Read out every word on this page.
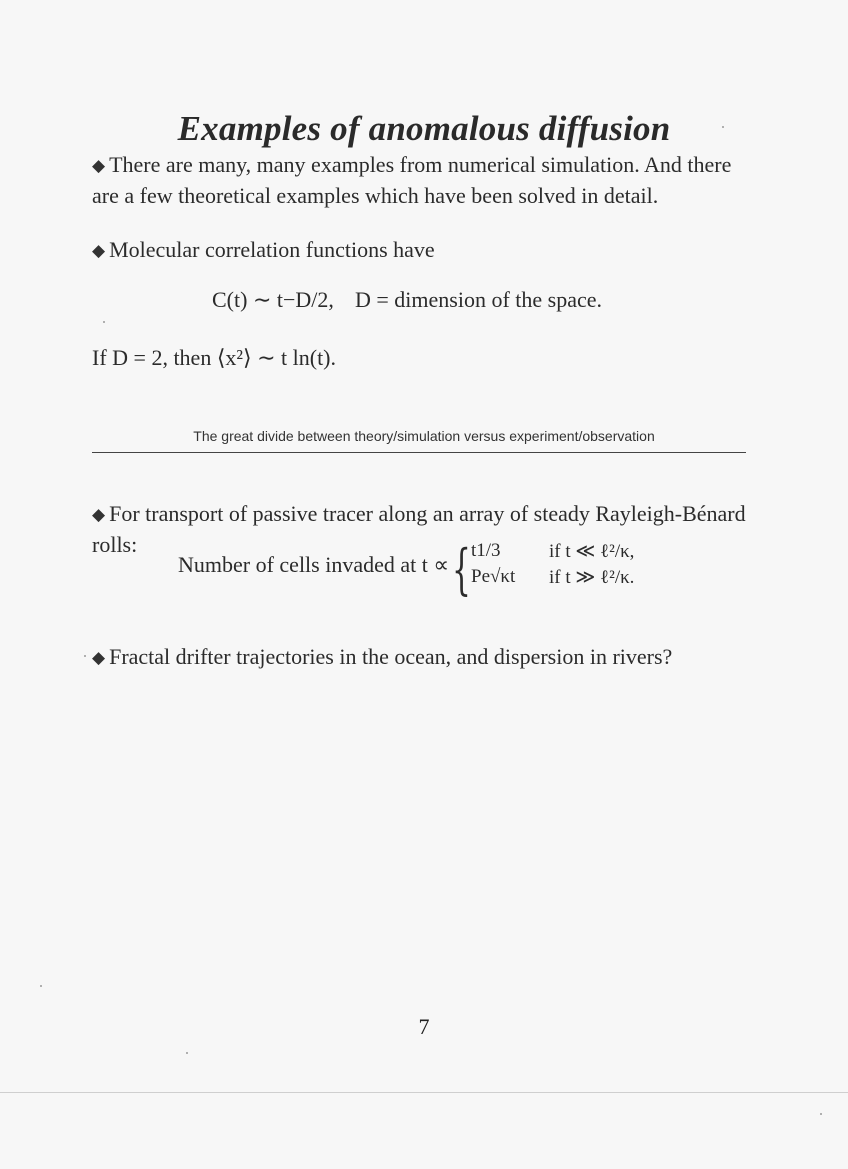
Examples of anomalous diffusion
◆ There are many, many examples from numerical simulation. And there are a few theoretical examples which have been solved in detail.
◆ Molecular correlation functions have
C(t) ∼ t−D/2, D = dimension of the space.
If D = 2, then ⟨x²⟩ ∼ t ln(t).
The great divide between theory/simulation versus experiment/observation
◆ For transport of passive tracer along an array of steady Rayleigh-Bénard
rolls:
Number of cells invaded at t ∝ { t1/3	if t ≪ ℓ²/κ,
Pe√κt if t ≫ ℓ²/κ.
◆ Fractal drifter trajectories in the ocean, and dispersion in rivers?
7
